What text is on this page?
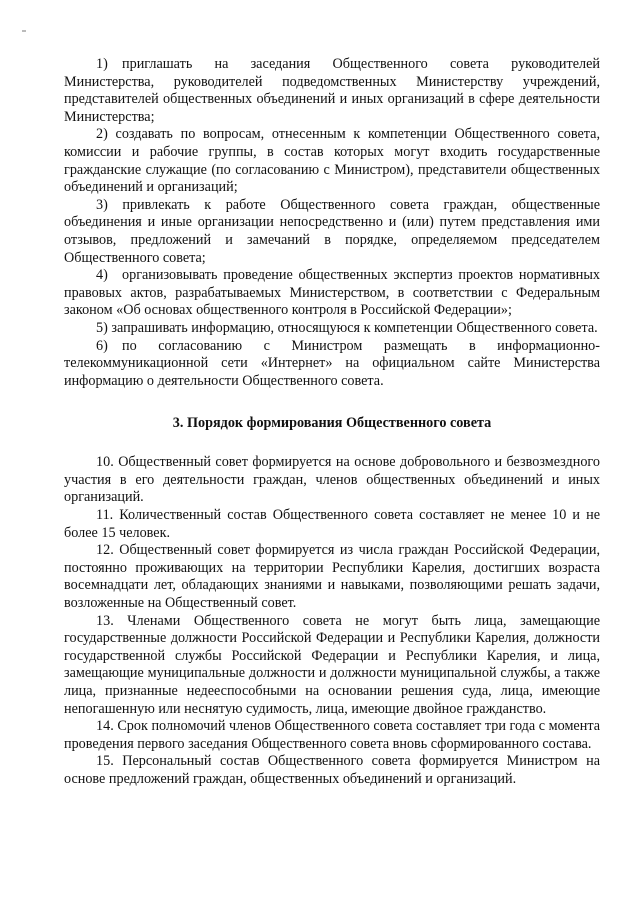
1) приглашать на заседания Общественного совета руководителей Министерства, руководителей подведомственных Министерству учреждений, представителей общественных объединений и иных организаций в сфере деятельности Министерства;

2) создавать по вопросам, отнесенным к компетенции Общественного совета, комиссии и рабочие группы, в состав которых могут входить государственные гражданские служащие (по согласованию с Министром), представители общественных объединений и организаций;

3) привлекать к работе Общественного совета граждан, общественные объединения и иные организации непосредственно и (или) путем представления ими отзывов, предложений и замечаний в порядке, определяемом председателем Общественного совета;

4) организовывать проведение общественных экспертиз проектов нормативных правовых актов, разрабатываемых Министерством, в соответствии с Федеральным законом «Об основах общественного контроля в Российской Федерации»;

5) запрашивать информацию, относящуюся к компетенции Общественного совета.

6) по согласованию с Министром размещать в информационно-телекоммуникационной сети «Интернет» на официальном сайте Министерства информацию о деятельности Общественного совета.

3. Порядок формирования Общественного совета

10. Общественный совет формируется на основе добровольного и безвозмездного участия в его деятельности граждан, членов общественных объединений и иных организаций.

11. Количественный состав Общественного совета составляет не менее 10 и не более 15 человек.

12. Общественный совет формируется из числа граждан Российской Федерации, постоянно проживающих на территории Республики Карелия, достигших возраста восемнадцати лет, обладающих знаниями и навыками, позволяющими решать задачи, возложенные на Общественный совет.

13. Членами Общественного совета не могут быть лица, замещающие государственные должности Российской Федерации и Республики Карелия, должности государственной службы Российской Федерации и Республики Карелия, и лица, замещающие муниципальные должности и должности муниципальной службы, а также лица, признанные недееспособными на основании решения суда, лица, имеющие непогашенную или неснятую судимость, лица, имеющие двойное гражданство.

14. Срок полномочий членов Общественного совета составляет три года с момента проведения первого заседания Общественного совета вновь сформированного состава.

15. Персональный состав Общественного совета формируется Министром на основе предложений граждан, общественных объединений и организаций.
